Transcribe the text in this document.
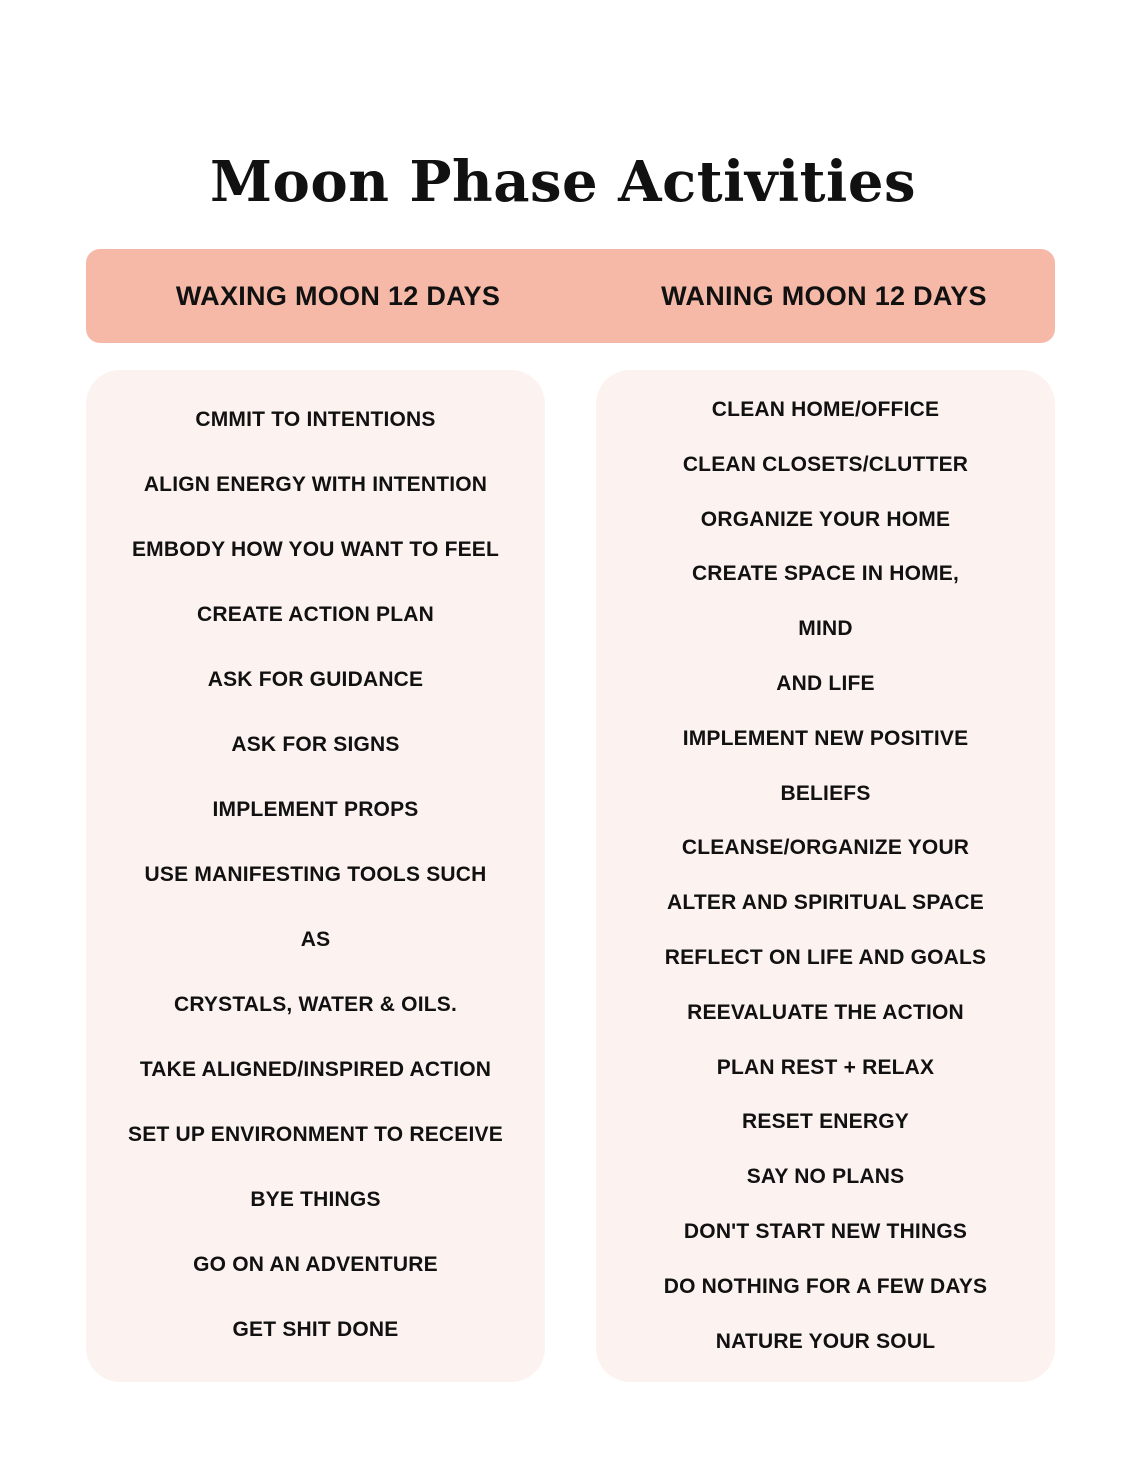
Moon Phase Activities
WAXING MOON 12 DAYS	WANING MOON 12 DAYS
CMMIT TO INTENTIONS
ALIGN ENERGY WITH INTENTION
EMBODY HOW YOU WANT TO FEEL
CREATE ACTION PLAN
ASK FOR GUIDANCE
ASK FOR SIGNS
IMPLEMENT PROPS
USE MANIFESTING TOOLS SUCH
AS
CRYSTALS, WATER & OILS.
TAKE ALIGNED/INSPIRED ACTION
SET UP ENVIRONMENT TO RECEIVE
BYE THINGS
GO ON AN ADVENTURE
GET SHIT DONE
CLEAN HOME/OFFICE
CLEAN CLOSETS/CLUTTER
ORGANIZE YOUR HOME
CREATE SPACE IN HOME,
MIND
AND LIFE
IMPLEMENT NEW POSITIVE
BELIEFS
CLEANSE/ORGANIZE YOUR
ALTER AND SPIRITUAL SPACE
REFLECT ON LIFE AND GOALS
REEVALUATE THE ACTION
PLAN REST + RELAX
RESET ENERGY
SAY NO PLANS
DON'T START NEW THINGS
DO NOTHING FOR A FEW DAYS
NATURE YOUR SOUL
